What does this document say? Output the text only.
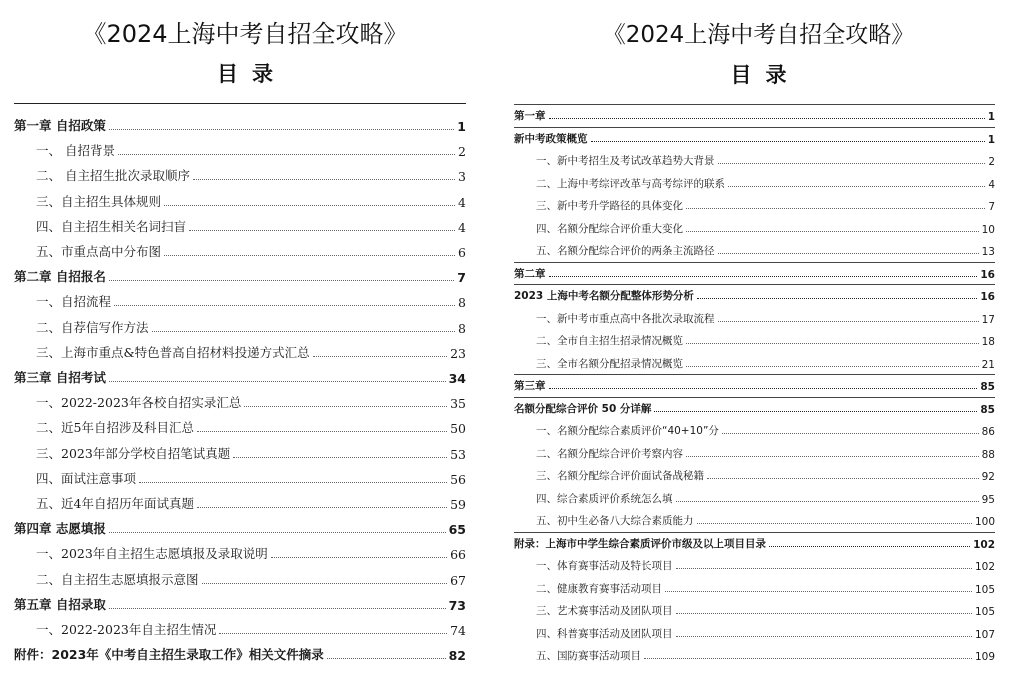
《2024上海中考自招全攻略》
目录
第一章 自招政策	1
一、 自招背景	2
二、 自主招生批次录取顺序	3
三、自主招生具体规则	4
四、自主招生相关名词扫盲	4
五、市重点高中分布图	6
第二章 自招报名	7
一、自招流程	8
二、自荐信写作方法	8
三、上海市重点&特色普高自招材料投递方式汇总	23
第三章 自招考试	34
一、2022-2023年各校自招实录汇总	35
二、近5年自招涉及科目汇总	50
三、2023年部分学校自招笔试真题	53
四、面试注意事项	56
五、近4年自招历年面试真题	59
第四章 志愿填报	65
一、2023年自主招生志愿填报及录取说明	66
二、自主招生志愿填报示意图	67
第五章 自招录取	73
一、2022-2023年自主招生情况	74
附件：2023年《中考自主招生录取工作》相关文件摘录	82
《2024上海中考自招全攻略》
目录
第一章	1
新中考政策概览	1
一、新中考招生及考试改革趋势大背景	2
二、上海中考综评改革与高考综评的联系	4
三、新中考升学路径的具体变化	7
四、名额分配综合评价重大变化	10
五、名额分配综合评价的两条主流路径	13
第二章	16
2023 上海中考名额分配整体形势分析	16
一、新中考市重点高中各批次录取流程	17
二、全市自主招生招录情况概览	18
三、全市名额分配招录情况概览	21
第三章	85
名额分配综合评价 50 分详解	85
一、名额分配综合素质评价“40+10”分	86
二、名额分配综合评价考察内容	88
三、名额分配综合评价面试备战秘籍	92
四、综合素质评价系统怎么填	95
五、初中生必备八大综合素质能力	100
附录：上海市中学生综合素质评价市级及以上项目目录	102
一、体育赛事活动及特长项目	102
二、健康教育赛事活动项目	105
三、艺术赛事活动及团队项目	105
四、科普赛事活动及团队项目	107
五、国防赛事活动项目	109
